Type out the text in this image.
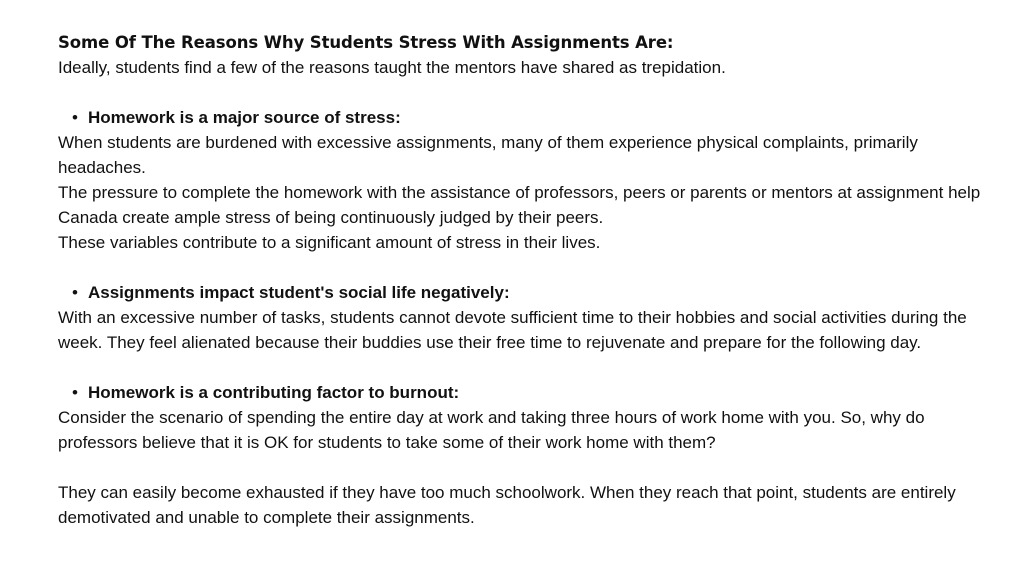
Some Of The Reasons Why Students Stress With Assignments Are:

Ideally, students find a few of the reasons taught the mentors have shared as trepidation.

• Homework is a major source of stress:

When students are burdened with excessive assignments, many of them experience physical complaints, primarily headaches.

The pressure to complete the homework with the assistance of professors, peers or parents or mentors at assignment help Canada create ample stress of being continuously judged by their peers.

These variables contribute to a significant amount of stress in their lives.

• Assignments impact student's social life negatively:

With an excessive number of tasks, students cannot devote sufficient time to their hobbies and social activities during the week. They feel alienated because their buddies use their free time to rejuvenate and prepare for the following day.

• Homework is a contributing factor to burnout:

Consider the scenario of spending the entire day at work and taking three hours of work home with you. So, why do professors believe that it is OK for students to take some of their work home with them?

They can easily become exhausted if they have too much schoolwork. When they reach that point, students are entirely demotivated and unable to complete their assignments.
